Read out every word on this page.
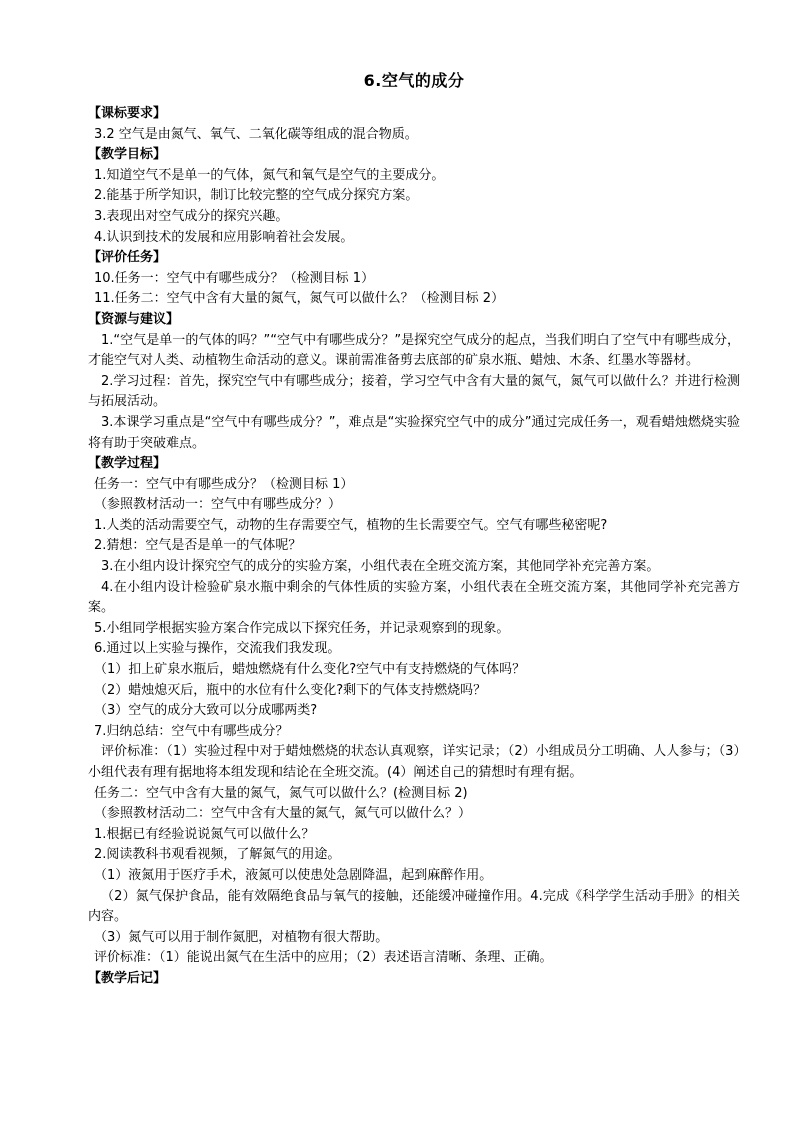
6.空气的成分

【课标要求】

3.2 空气是由氮气、氧气、二氧化碳等组成的混合物质。

【教学目标】

1.知道空气不是单一的气体，氮气和氧气是空气的主要成分。

2.能基于所学知识，制订比较完整的空气成分探究方案。

3.表现出对空气成分的探究兴趣。

4.认识到技术的发展和应用影响着社会发展。

【评价任务】

10.任务一：空气中有哪些成分？（检测目标 1）

11.任务二：空气中含有大量的氮气，氮气可以做什么？（检测目标 2）

【资源与建议】

1.“空气是单一的气体的吗？”“空气中有哪些成分？”是探究空气成分的起点，当我们明白了空气中有哪些成分，才能空气对人类、动植物生命活动的意义。课前需准备剪去底部的矿泉水瓶、蜡烛、木条、红墨水等器材。

2.学习过程：首先，探究空气中有哪些成分；接着，学习空气中含有大量的氮气，氮气可以做什么？并进行检测与拓展活动。

3.本课学习重点是“空气中有哪些成分？”，难点是“实验探究空气中的成分”通过完成任务一，观看蜡烛燃烧实验将有助于突破难点。

【教学过程】

任务一：空气中有哪些成分？（检测目标 1）

（参照教材活动一：空气中有哪些成分？）

1.人类的活动需要空气，动物的生存需要空气，植物的生长需要空气。空气有哪些秘密呢?

2.猜想：空气是否是单一的气体呢？

3.在小组内设计探究空气的成分的实验方案，小组代表在全班交流方案，其他同学补充完善方案。

4.在小组内设计检验矿泉水瓶中剩余的气体性质的实验方案，小组代表在全班交流方案，其他同学补充完善方案。

5.小组同学根据实验方案合作完成以下探究任务，并记录观察到的现象。

6.通过以上实验与操作，交流我们我发现。

（1）扣上矿泉水瓶后，蜡烛燃烧有什么变化?空气中有支持燃烧的气体吗？

（2）蜡烛熄灭后，瓶中的水位有什么变化?剩下的气体支持燃烧吗？

（3）空气的成分大致可以分成哪两类?

7.归纳总结：空气中有哪些成分？

评价标准：（1）实验过程中对于蜡烛燃烧的状态认真观察，详实记录；（2）小组成员分工明确、人人参与；（3）小组代表有理有据地将本组发现和结论在全班交流。(4）阐述自己的猜想时有理有据。

任务二：空气中含有大量的氮气，氮气可以做什么？(检测目标 2)

（参照教材活动二：空气中含有大量的氮气，氮气可以做什么？）

1.根据已有经验说说氮气可以做什么？

2.阅读教科书观看视频，了解氮气的用途。

（1）液氮用于医疗手术，液氮可以使患处急剧降温，起到麻醉作用。

（2）氮气保护食品，能有效隔绝食品与氧气的接触，还能缓冲碰撞作用。4.完成《科学学生活动手册》的相关内容。

（3）氮气可以用于制作氮肥，对植物有很大帮助。

评价标准：（1）能说出氮气在生活中的应用；（2）表述语言清晰、条理、正确。

【教学后记】
